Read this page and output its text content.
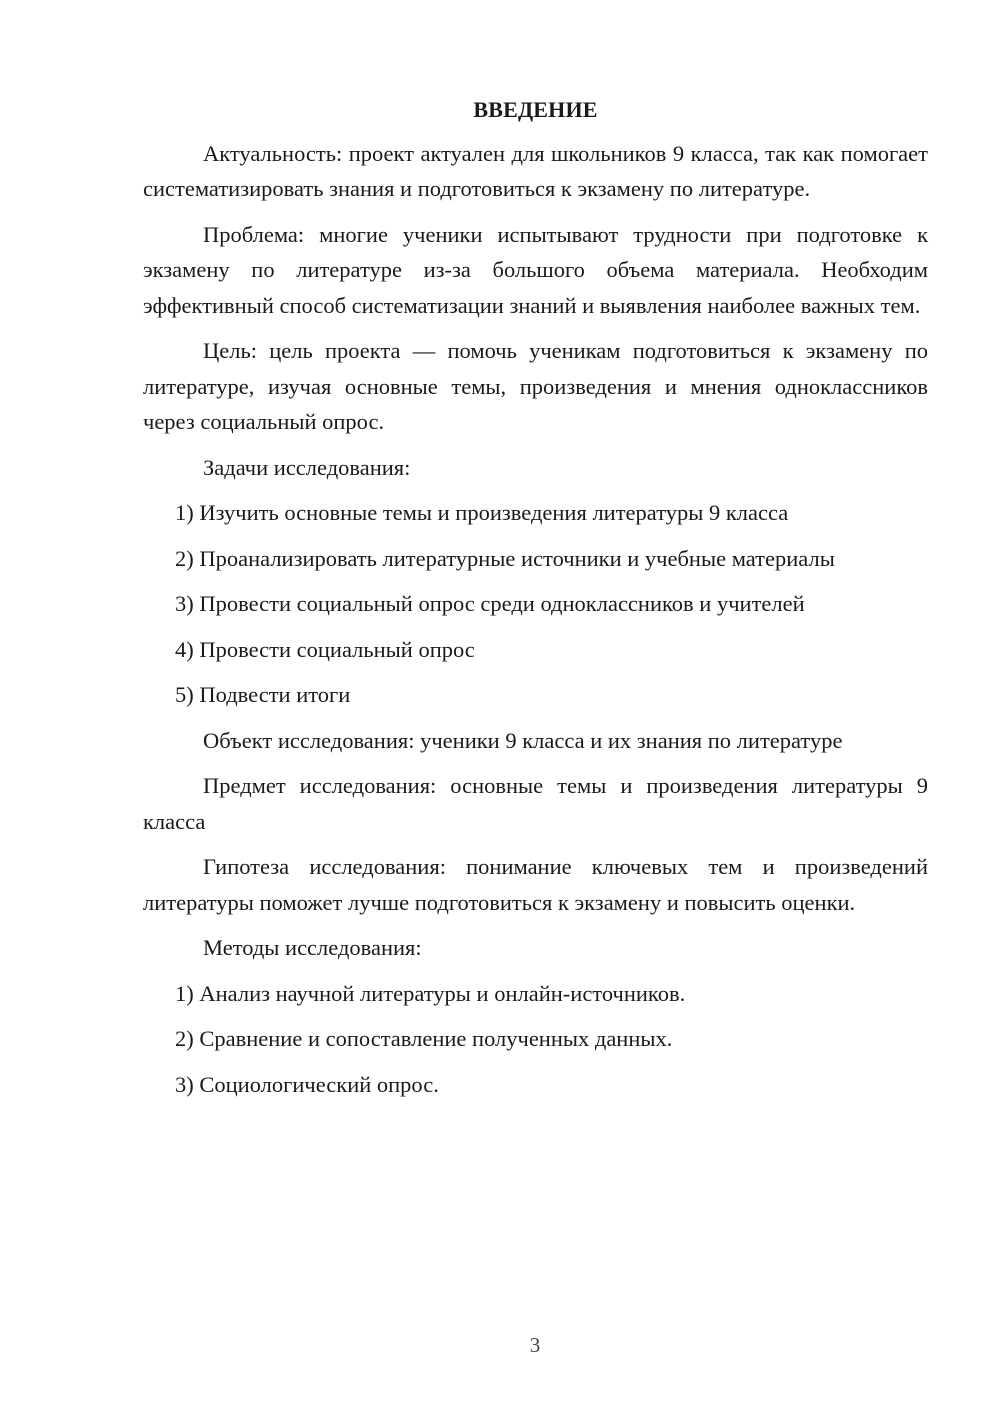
ВВЕДЕНИЕ

Актуальность: проект актуален для школьников 9 класса, так как помогает систематизировать знания и подготовиться к экзамену по литературе.

Проблема: многие ученики испытывают трудности при подготовке к экзамену по литературе из-за большого объема материала. Необходим эффективный способ систематизации знаний и выявления наиболее важных тем.

Цель: цель проекта — помочь ученикам подготовиться к экзамену по литературе, изучая основные темы, произведения и мнения одноклассников через социальный опрос.

Задачи исследования:

1) Изучить основные темы и произведения литературы 9 класса
2) Проанализировать литературные источники и учебные материалы
3) Провести социальный опрос среди одноклассников и учителей
4) Провести социальный опрос
5) Подвести итоги

Объект исследования: ученики 9 класса и их знания по литературе

Предмет исследования: основные темы и произведения литературы 9 класса

Гипотеза исследования: понимание ключевых тем и произведений литературы поможет лучше подготовиться к экзамену и повысить оценки.

Методы исследования:

1) Анализ научной литературы и онлайн-источников.
2) Сравнение и сопоставление полученных данных.
3) Социологический опрос.
3
